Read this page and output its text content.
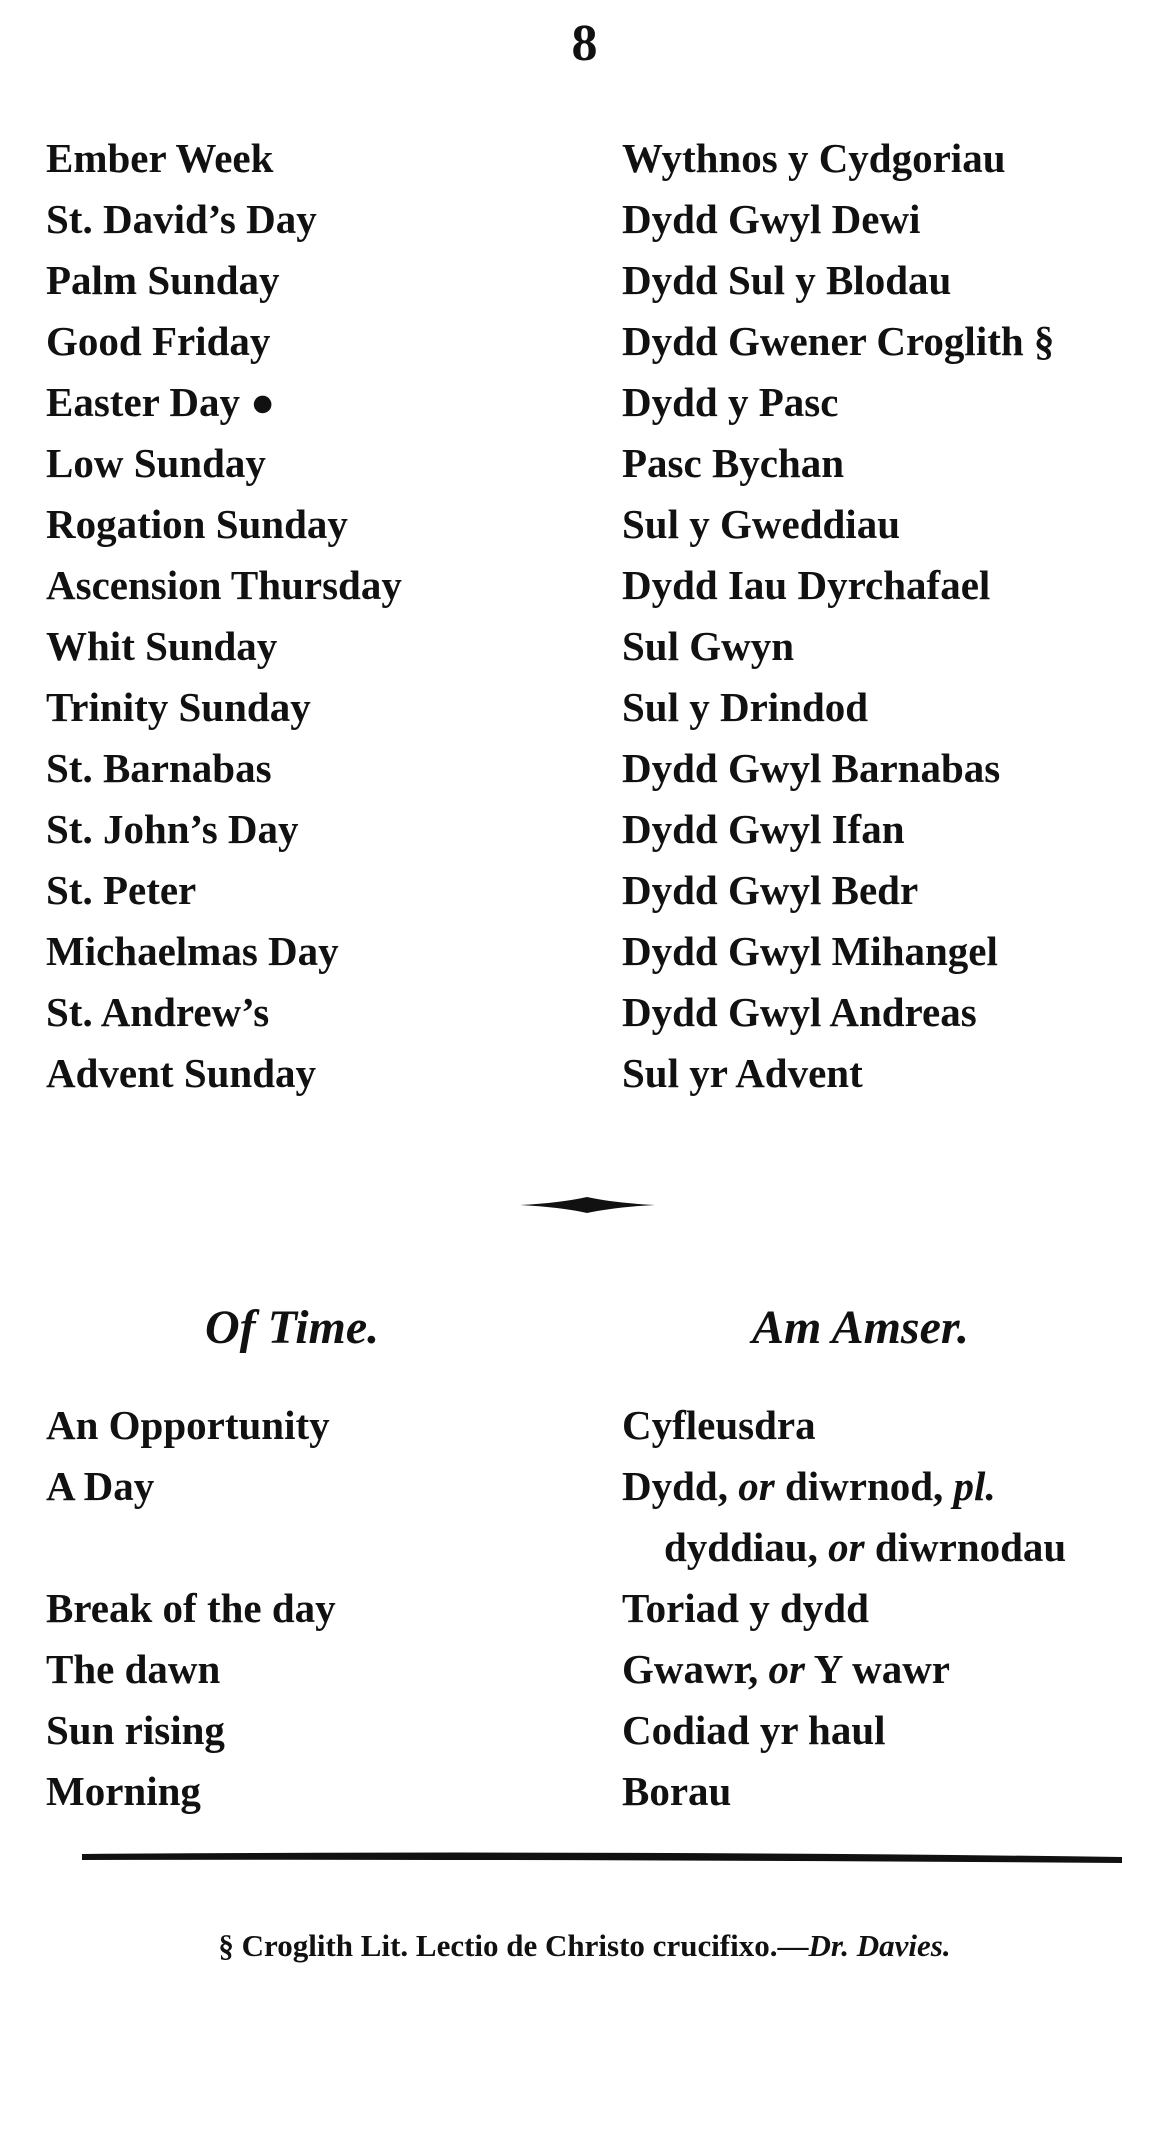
8
Ember Week	Wythnos y Cydgoriau
St. David’s Day	Dydd Gwyl Dewi
Palm Sunday	Dydd Sul y Blodau
Good Friday	Dydd Gwener Croglith §
Easter Day ●	Dydd y Pasc
Low Sunday	Pasc Bychan
Rogation Sunday	Sul y Gweddiau
Ascension Thursday	Dydd Iau Dyrchafael
Whit Sunday	Sul Gwyn
Trinity Sunday	Sul y Drindod
St. Barnabas	Dydd Gwyl Barnabas
St. John’s Day	Dydd Gwyl Ifan
St. Peter	Dydd Gwyl Bedr
Michaelmas Day	Dydd Gwyl Mihangel
St. Andrew’s	Dydd Gwyl Andreas
Advent Sunday	Sul yr Advent
Of Time.	Am Amser.
An Opportunity	Cyfleusdra
A Day	Dydd, or diwrnod, pl.
dyddiau, or diwrnodau
Break of the day	Toriad y dydd
The dawn	Gwawr, or Y wawr
Sun rising	Codiad yr haul
Morning	Borau
§ Croglith Lit. Lectio de Christo crucifixo.—Dr. Davies.
